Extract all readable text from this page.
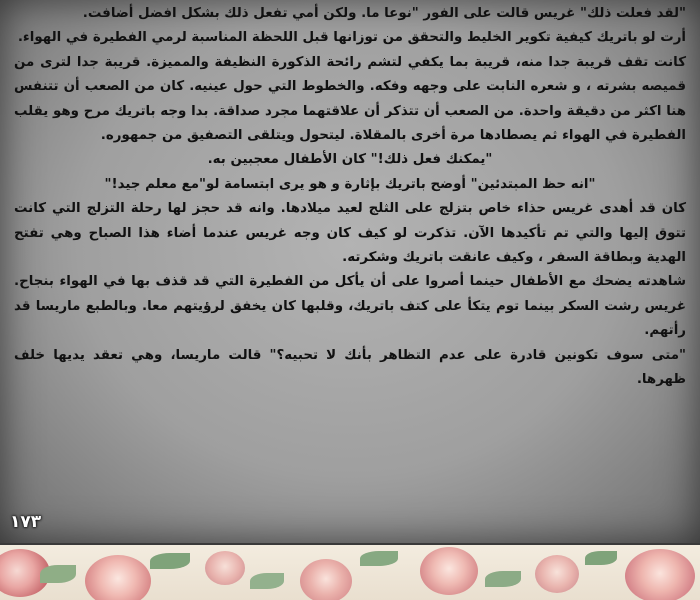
"لقد فعلت ذلك" غريس قالت على الفور "نوعا ما. ولكن أمي تفعل ذلك بشكل افضل أضافت.

أرت لو باتريك كيفية تكوير الخليط والتحقق من توزانها قبل اللحظة المناسبة لرمي الفطيرة في الهواء.

كانت تقف قريبة جدا منه، قريبة بما يكفي لتشم رائحة الذكورة النظيفة والمميزة. قريبة جدا لترى من قميصه بشرته ، و شعره النابت على وجهه وفكه. والخطوط التي حول عينيه. كان من الصعب أن تتنفس هنا اكثر من دقيقة واحدة. من الصعب أن تتذكر أن علاقتهما مجرد صداقة. بدا وجه باتريك مرح وهو يقلب الفطيرة في الهواء ثم يصطادها مرة أخرى بالمقلاة. ليتحول ويتلقى التصفيق من جمهوره.

"يمكنك فعل ذلك!" كان الأطفال معجبين به.

"انه حظ المبتدئين" أوضح باتريك بإثارة و هو يرى ابتسامة لو"مع معلم جيد!"

كان قد أهدى غريس حذاء خاص بتزلج على الثلج لعيد ميلادها. وانه قد حجز لها رحلة التزلج التي كانت تتوق إليها والتي تم تأكيدها الآن. تذكرت لو كيف كان وجه غريس عندما أضاء هذا الصباح وهي تفتح الهدية وبطاقة السفر ، وكيف عانقت باتريك وشكرته.

شاهدته يضحك مع الأطفال حينما أصروا على أن يأكل من الفطيرة التي قد قذف بها في الهواء بنجاح. غريس رشت السكر بينما توم يتكأ على كتف باتريك، وقلبها كان يخفق لرؤيتهم معا. وبالطبع ماريسا قد رأتهم.

"متى سوف تكونين قادرة على عدم التظاهر بأنك لا تحبيه؟" قالت ماريسا، وهي تعقد يديها خلف ظهرها.

١٧٣
